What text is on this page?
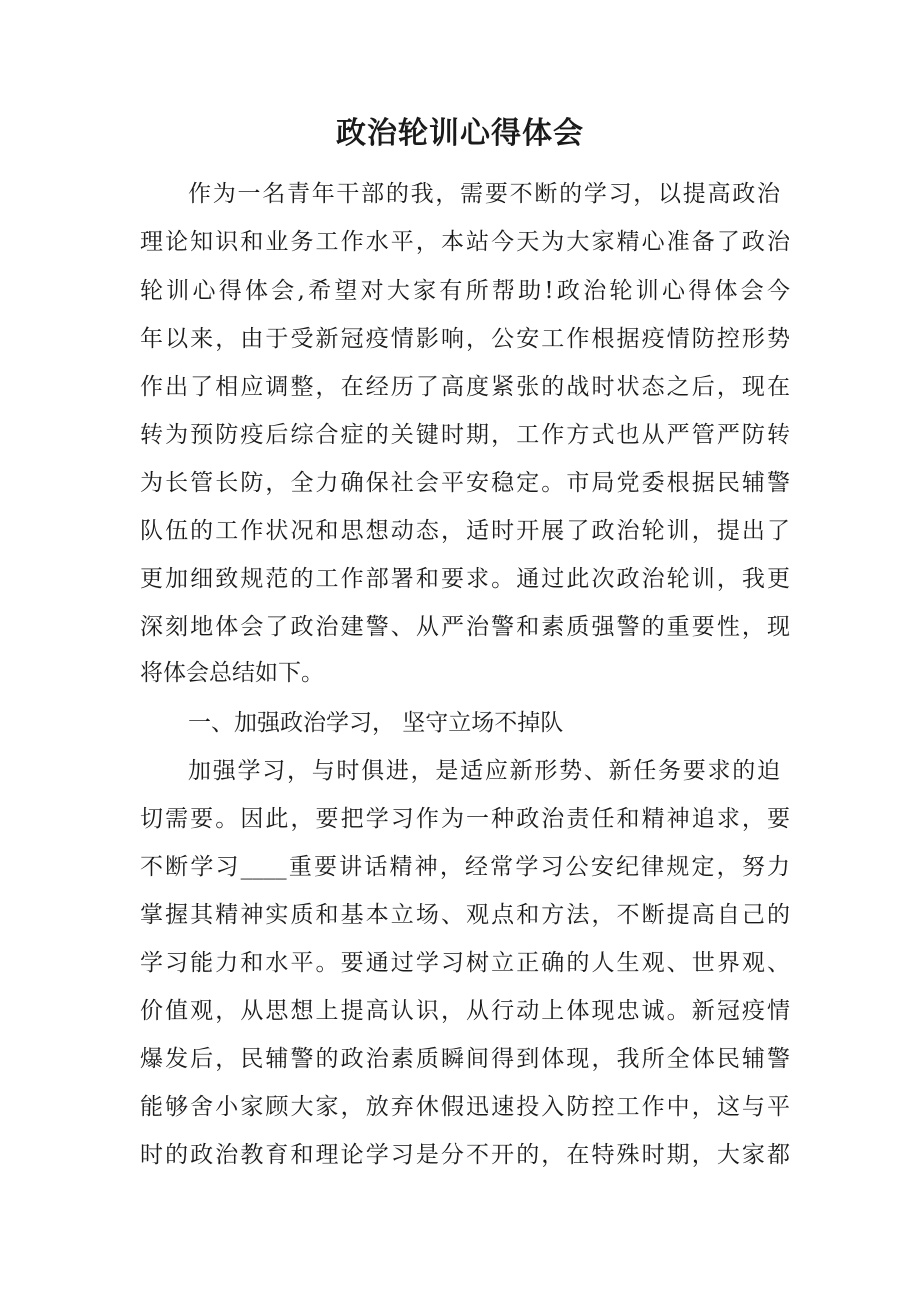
政治轮训心得体会
作为一名青年干部的我，需要不断的学习，以提高政治
理论知识和业务工作水平，本站今天为大家精心准备了政治
轮训心得体会,希望对大家有所帮助!政治轮训心得体会今
年以来，由于受新冠疫情影响，公安工作根据疫情防控形势
作出了相应调整，在经历了高度紧张的战时状态之后，现在
转为预防疫后综合症的关键时期，工作方式也从严管严防转
为长管长防，全力确保社会平安稳定。市局党委根据民辅警
队伍的工作状况和思想动态，适时开展了政治轮训，提出了
更加细致规范的工作部署和要求。通过此次政治轮训，我更
深刻地体会了政治建警、从严治警和素质强警的重要性，现
将体会总结如下。
一、加强政治学习， 坚守立场不掉队
加强学习，与时俱进，是适应新形势、新任务要求的迫
切需要。因此，要把学习作为一种政治责任和精神追求，要
不断学习____重要讲话精神，经常学习公安纪律规定，努力
掌握其精神实质和基本立场、观点和方法，不断提高自己的
学习能力和水平。要通过学习树立正确的人生观、世界观、
价值观，从思想上提高认识，从行动上体现忠诚。新冠疫情
爆发后，民辅警的政治素质瞬间得到体现，我所全体民辅警
能够舍小家顾大家，放弃休假迅速投入防控工作中，这与平
时的政治教育和理论学习是分不开的，在特殊时期，大家都
